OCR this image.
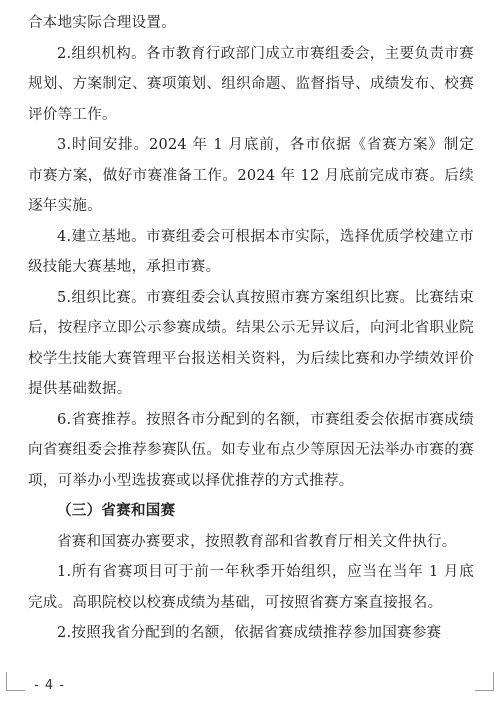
合本地实际合理设置。

2.组织机构。各市教育行政部门成立市赛组委会，主要负责市赛规划、方案制定、赛项策划、组织命题、监督指导、成绩发布、校赛评价等工作。

3.时间安排。2024 年 1 月底前，各市依据《省赛方案》制定市赛方案，做好市赛准备工作。2024 年 12 月底前完成市赛。后续逐年实施。

4.建立基地。市赛组委会可根据本市实际，选择优质学校建立市级技能大赛基地，承担市赛。

5.组织比赛。市赛组委会认真按照市赛方案组织比赛。比赛结束后，按程序立即公示参赛成绩。结果公示无异议后，向河北省职业院校学生技能大赛管理平台报送相关资料，为后续比赛和办学绩效评价提供基础数据。

6.省赛推荐。按照各市分配到的名额，市赛组委会依据市赛成绩向省赛组委会推荐参赛队伍。如专业布点少等原因无法举办市赛的赛项，可举办小型选拔赛或以择优推荐的方式推荐。

（三）省赛和国赛

省赛和国赛办赛要求，按照教育部和省教育厅相关文件执行。

1.所有省赛项目可于前一年秋季开始组织，应当在当年 1 月底完成。高职院校以校赛成绩为基础，可按照省赛方案直接报名。

2.按照我省分配到的名额，依据省赛成绩推荐参加国赛参赛

- 4 -
